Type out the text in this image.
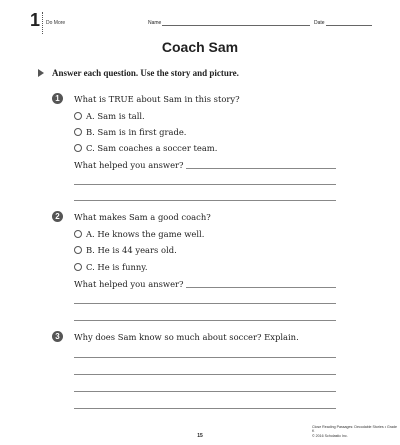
1 Do More	Name	Date
Coach Sam
Answer each question. Use the story and picture.
1	What is TRUE about Sam in this story?
A. Sam is tall.
B. Sam is in first grade.
C. Sam coaches a soccer team.
What helped you answer?
2	What makes Sam a good coach?
A. He knows the game well.
B. He is 44 years old.
C. He is funny.
What helped you answer?
3	Why does Sam know so much about soccer? Explain.
15
Close Reading Passages: Decodable Stories • Grade K
© 2016 Scholastic Inc.
